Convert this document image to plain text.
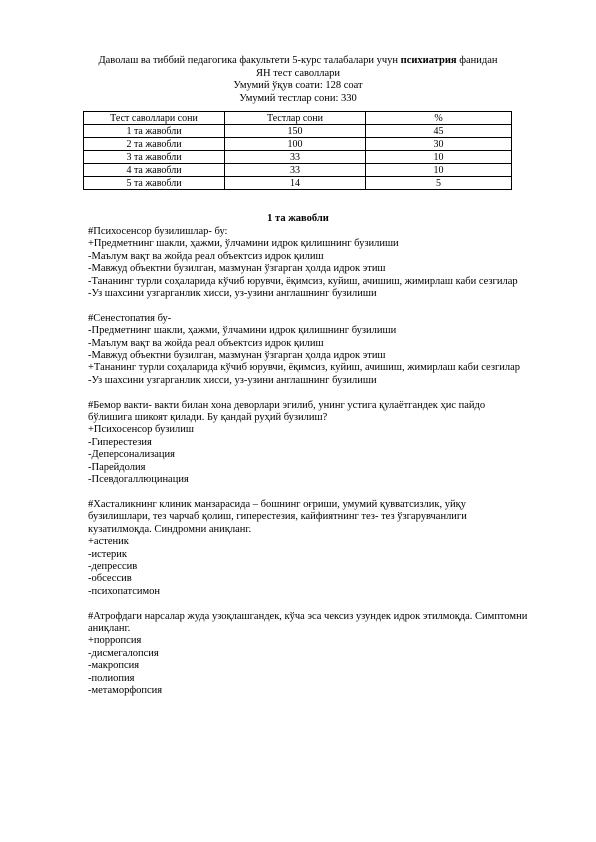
Даволаш ва тиббий педагогика факультети 5-курс талабалари учун психиатрия фанидан
ЯН тест саволлари
Умумий ўқув соати: 128 соат
Умумий тестлар сони: 330
Тест саволлари сони	Тестлар сони	%
1 та жавобли	150	45
2 та жавобли	100	30
3 та жавобли	33	10
4 та жавобли	33	10
5 та жавобли	14	5
1 та жавобли
#Психосенсор бузилишлар- бу:
+Предметнинг шакли, ҳажми, ўлчамини идрок қилишнинг бузилиши
-Маълум вақт ва жойда реал объектсиз идрок қилиш
-Мавжуд объектни бузилган, мазмунан ўзгарган ҳолда идрок этиш
-Тананинг турли соҳаларида кўчиб юрувчи, ёқимсиз, куйиш, ачишиш, жимирлаш каби сезгилар
-Уз шахсини узгарганлик хисси, уз-узини англашнинг бузилиши
#Сенестопатия бу-
-Предметнинг шакли, ҳажми, ўлчамини идрок қилишнинг бузилиши
-Маълум вақт ва жойда реал объектсиз идрок қилиш
-Мавжуд объектни бузилган, мазмунан ўзгарган ҳолда идрок этиш
+Тананинг турли соҳаларида кўчиб юрувчи, ёқимсиз, куйиш, ачишиш, жимирлаш каби сезгилар
-Уз шахсини узгарганлик хисси, уз-узини англашнинг бузилиши
#Бемор вакти- вакти билан хона деворлари эгилиб, унинг устига қулаётгандек ҳис пайдо бўлишига шикоят қилади. Бу қандай руҳий бузилиш?
+Психосенсор бузилиш
-Гиперестезия
-Деперсонализация
-Парейдолия
-Псевдогаллюцинация
#Хасталикнинг клиник манзарасида – бошнинг оғриши, умумий қувватсизлик, уйқу бузилишлари, тез чарчаб қолиш, гиперестезия, кайфиятнинг тез- тез ўзгарувчанлиги кузатилмоқда. Синдромни аниқланг.
+астеник
-истерик
-депрессив
-обсессив
-психопатсимон
#Атрофдаги нарсалар жуда узоқлашгандек, кўча эса чексиз узундек идрок этилмоқда. Симптомни аниқланг.
+порропсия
-дисмегалопсия
-макропсия
-полиопия
-метаморфопсия
